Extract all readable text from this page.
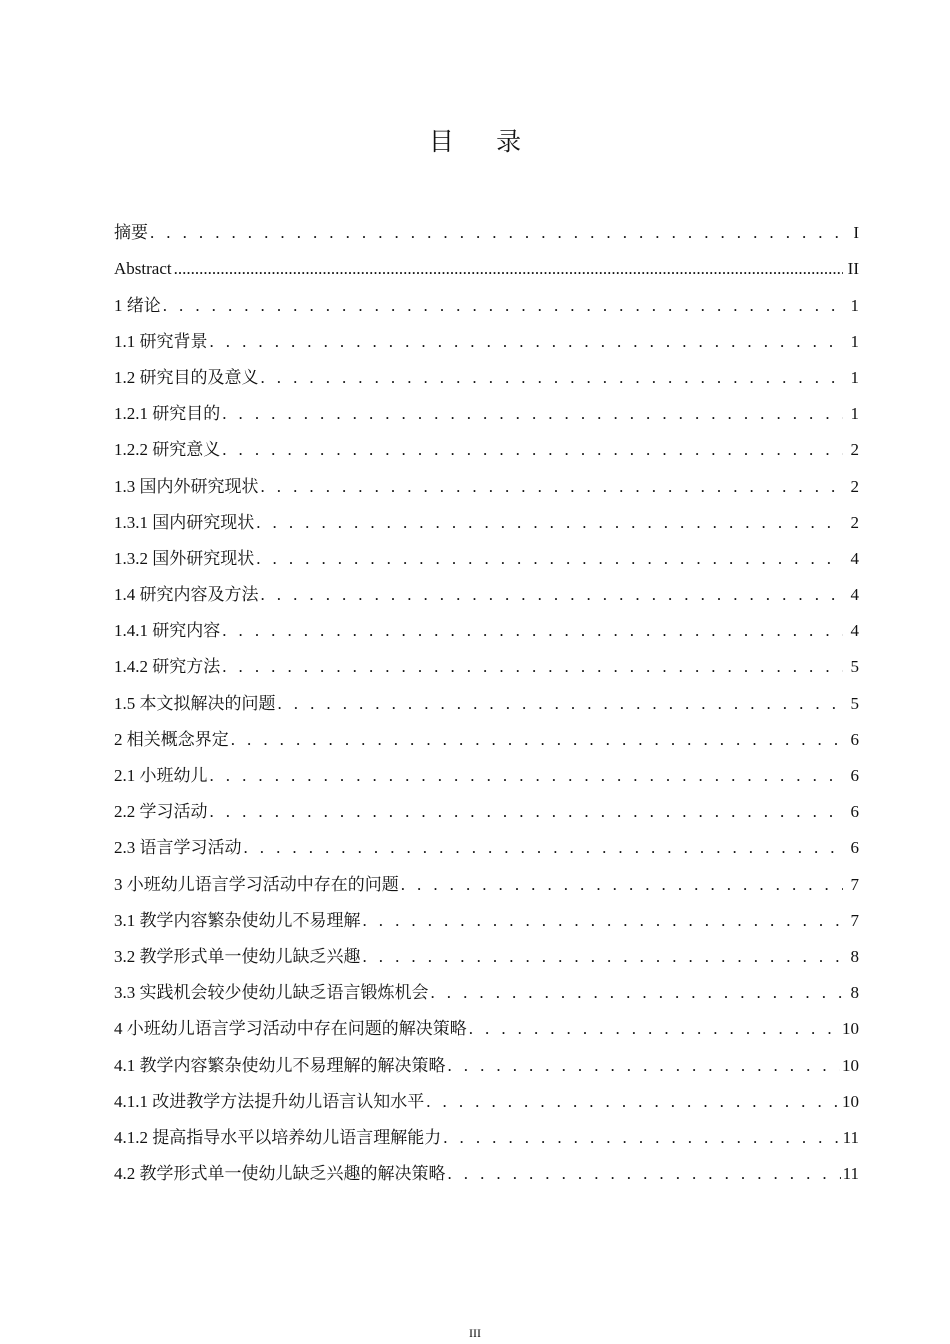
目 录
摘要 . . .	I
Abstract .....	II
1 绪论 . . .	1
1.1 研究背景 . . .	1
1.2 研究目的及意义 . . .	1
1.2.1 研究目的 . . .	1
1.2.2 研究意义 . . .	2
1.3 国内外研究现状 . . .	2
1.3.1 国内研究现状 . . .	2
1.3.2 国外研究现状 . . .	4
1.4 研究内容及方法 . . .	4
1.4.1 研究内容 . . .	4
1.4.2 研究方法 . . .	5
1.5 本文拟解决的问题 . . .	5
2 相关概念界定 . . .	6
2.1 小班幼儿 . . .	6
2.2 学习活动 . . .	6
2.3 语言学习活动 . . .	6
3 小班幼儿语言学习活动中存在的问题 . . .	7
3.1 教学内容繁杂使幼儿不易理解 . . .	7
3.2 教学形式单一使幼儿缺乏兴趣 . . .	8
3.3 实践机会较少使幼儿缺乏语言锻炼机会 . . .	8
4 小班幼儿语言学习活动中存在问题的解决策略 . . .	10
4.1 教学内容繁杂使幼儿不易理解的解决策略 . . .	10
4.1.1 改进教学方法提升幼儿语言认知水平 . . .	10
4.1.2 提高指导水平以培养幼儿语言理解能力 . . .	11
4.2 教学形式单一使幼儿缺乏兴趣的解决策略 . . .	11
III
